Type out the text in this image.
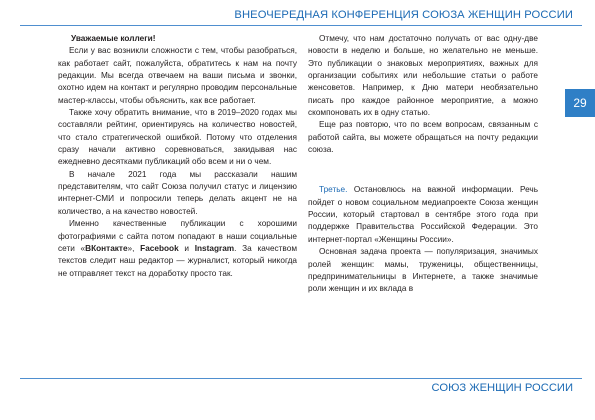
ВНЕОЧЕРЕДНАЯ КОНФЕРЕНЦИЯ СОЮЗА ЖЕНЩИН РОССИИ
29

Уважаемые коллеги!

Если у вас возникли сложности с тем, чтобы разобраться, как работает сайт, пожалуйста, обратитесь к нам на почту редакции. Мы всегда отвечаем на ваши письма и звонки, охотно идем на контакт и регулярно проводим персональные мастер-классы, чтобы объяснить, как все работает.

Также хочу обратить внимание, что в 2019–2020 годах мы составляли рейтинг, ориентируясь на количество новостей, что стало стратегической ошибкой. Потому что отделения сразу начали активно соревноваться, закидывая нас ежедневно десятками публикаций обо всем и ни о чем.

В начале 2021 года мы рассказали нашим представителям, что сайт Союза получил статус и лицензию интернет-СМИ и попросили теперь делать акцент не на количество, а на качество новостей.

Именно качественные публикации с хорошими фотографиями с сайта потом попадают в наши социальные сети «ВКонтакте», Facebook и Instagram. За качеством текстов следит наш редактор — журналист, который никогда не отправляет текст на доработку просто так.

Отмечу, что нам достаточно получать от вас одну-две новости в неделю и больше, но желательно не меньше. Это публикации о знаковых мероприятиях, важных для организации событиях или небольшие статьи о работе женсоветов. Например, к Дню матери необязательно писать про каждое районное мероприятие, а можно скомпоновать их в одну статью.

Еще раз повторю, что по всем вопросам, связанным с работой сайта, вы можете обращаться на почту редакции союза.

Третье. Остановлюсь на важной информации. Речь пойдет о новом социальном медиапроекте Союза женщин России, который стартовал в сентябре этого года при поддержке Правительства Российской Федерации. Это интернет-портал «Женщины России».

Основная задача проекта — популяризация, значимых ролей женщин: мамы, труженицы, общественницы, предпринимательницы в Интернете, а также значимые роли женщин и их вклада в

СОЮЗ ЖЕНЩИН РОССИИ
